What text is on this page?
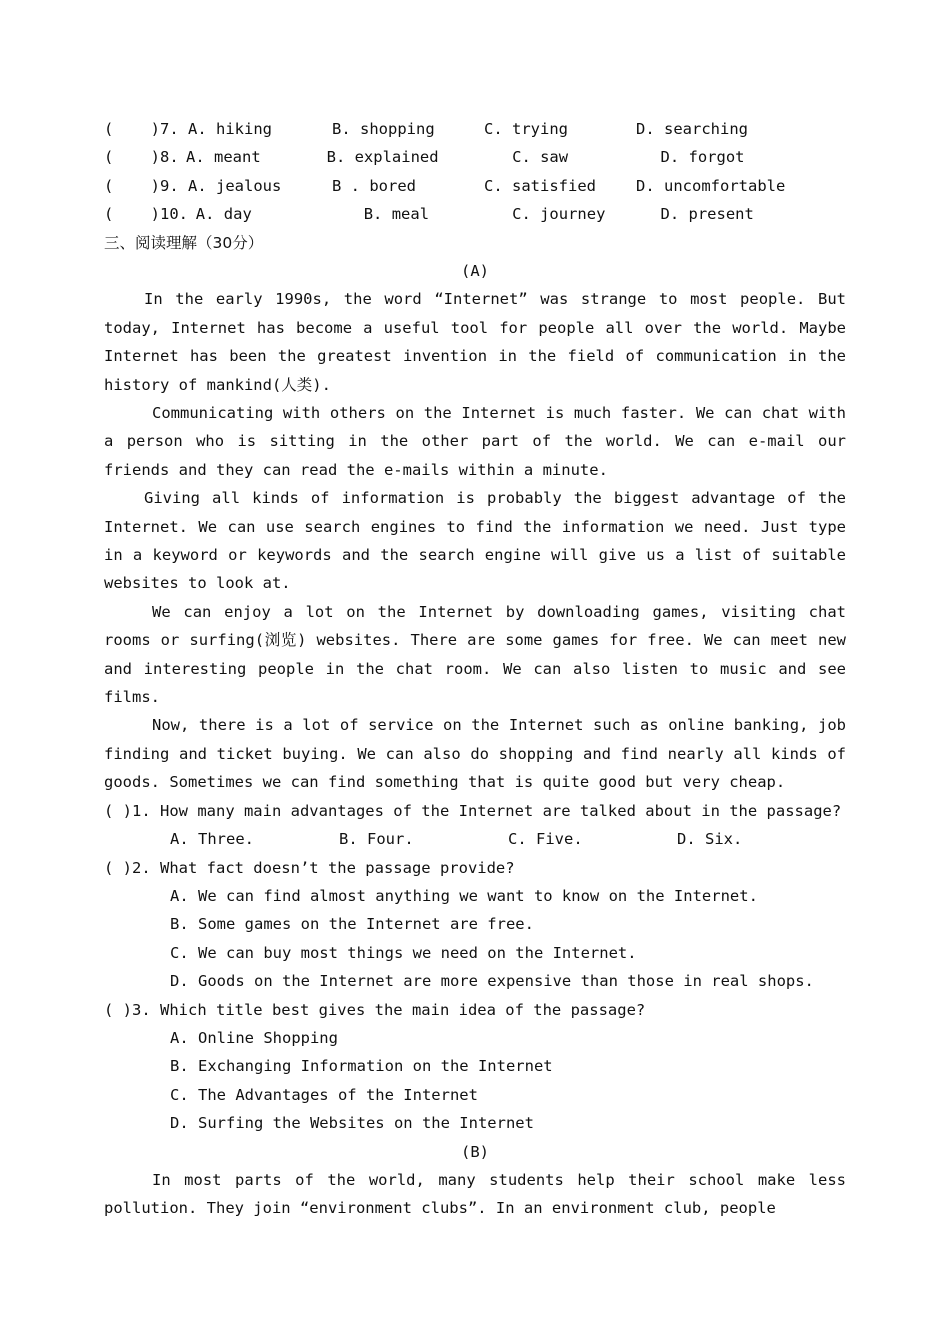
(    )7. A. hiking	B. shopping	C. trying	D. searching
(    )8. A. meant	B. explained	C. saw	D. forgot
(    )9. A. jealous	B . bored	C. satisfied	D. uncomfortable
(    )10. A. day	B. meal	C. journey	D. present
三、阅读理解（30分）
(A)
In the early 1990s, the word “Internet” was strange to most people. But today, Internet has become a useful tool for people all over the world. Maybe Internet has been the greatest invention in the field of communication in the history of mankind(人类).
Communicating with others on the Internet is much faster. We can chat with a person who is sitting in the other part of the world. We can e-mail our friends and they can read the e-mails within a minute.
Giving all kinds of information is probably the biggest advantage of the Internet. We can use search engines to find the information we need. Just type in a keyword or keywords and the search engine will give us a list of suitable websites to look at.
We can enjoy a lot on the Internet by downloading games, visiting chat rooms or surfing(浏览) websites. There are some games for free. We can meet new and interesting people in the chat room. We can also listen to music and see films.
Now, there is a lot of service on the Internet such as online banking, job finding and ticket buying. We can also do shopping and find nearly all kinds of goods. Sometimes we can find something that is quite good but very cheap.
( )1. How many main advantages of the Internet are talked about in the passage?
A. Three.	B. Four.	C. Five.	D. Six.
( )2. What fact doesn’t the passage provide?
A. We can find almost anything we want to know on the Internet.
B. Some games on the Internet are free.
C. We can buy most things we need on the Internet.
D. Goods on the Internet are more expensive than those in real shops.
( )3. Which title best gives the main idea of the passage?
A. Online Shopping
B. Exchanging Information on the Internet
C. The Advantages of the Internet
D. Surfing the Websites on the Internet
(B)
In most parts of the world, many students help their school make less pollution. They join “environment clubs”. In an environment club, people
